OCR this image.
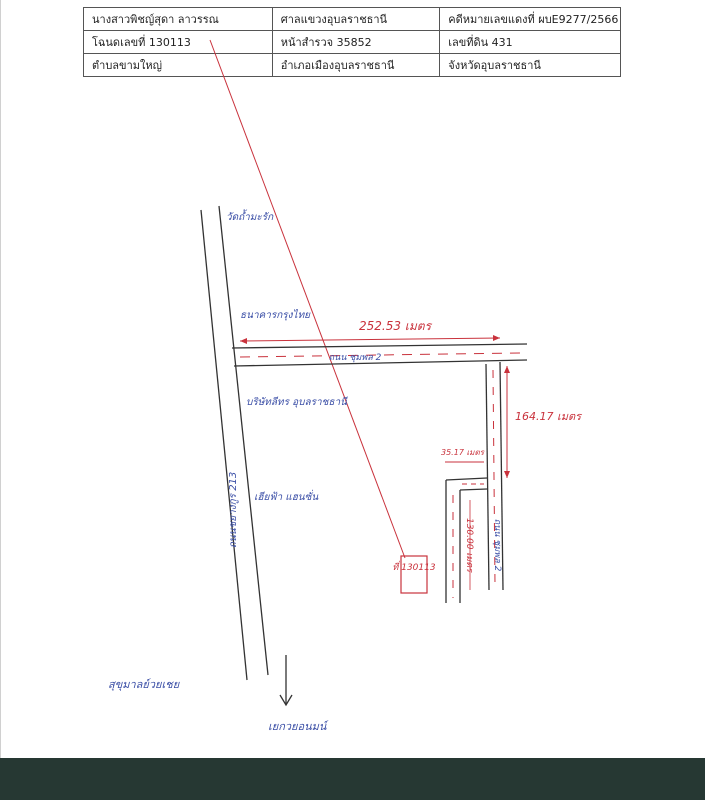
นางสาวพิชญ์สุดา ลาวรรณ	ศาลแขวงอุบลราชธานี	คดีหมายเลขแดงที่ ผบE9277/2566
โฉนดเลขที่ 130113	หน้าสำรวจ 35852	เลขที่ดิน 431
ตำบลขามใหญ่	อำเภอเมืองอุบลราชธานี	จังหวัดอุบลราชธานี
ที่ 130113
252.53 เมตร
164.17 เมตร
35.17 เมตร
130.00 เมตร
วัดถ้ำมะรัก
ธนาคารกรุงไทย
ถนน ชุมพล 2
บริษัทลีทร อุบลราชธานี
เฮียฟ้า แฮนซั่น
ถนนชยางกูร 213	ถนน ชุมพล 2
สุขุมาลย์วยเชย
เยกวยอนมน์
